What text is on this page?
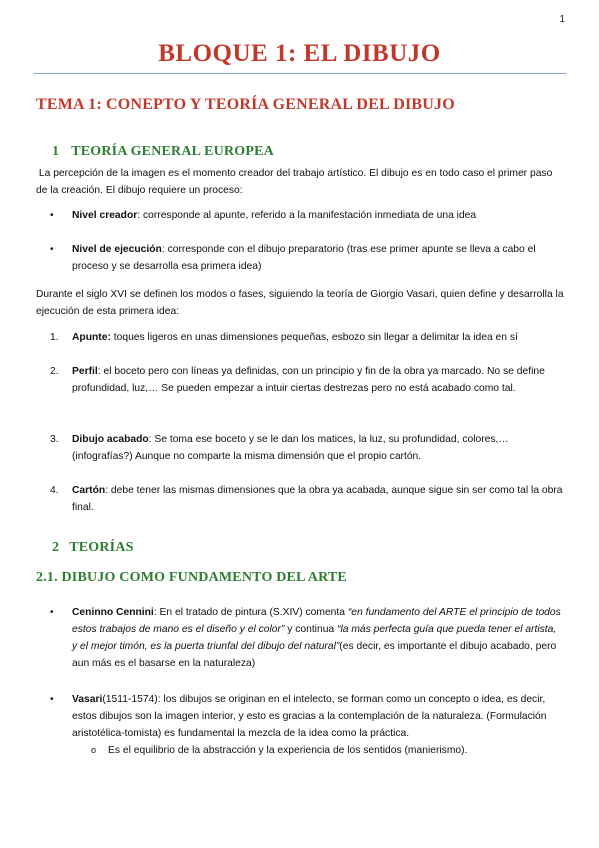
1
BLOQUE 1: EL DIBUJO
TEMA 1: CONEPTO Y TEORÍA GENERAL DEL DIBUJO
1 TEORÍA GENERAL EUROPEA

La percepción de la imagen es el momento creador del trabajo artístico. El dibujo es en todo caso el primer paso de la creación. El dibujo requiere un proceso:

• Nivel creador: corresponde al apunte, referido a la manifestación inmediata de una idea

• Nivel de ejecución: corresponde con el dibujo preparatorio (tras ese primer apunte se lleva a cabo el proceso y se desarrolla esa primera idea)

Durante el siglo XVI se definen los modos o fases, siguiendo la teoría de Giorgio Vasari, quien define y desarrolla la ejecución de esta primera idea:

1. Apunte: toques ligeros en unas dimensiones pequeñas, esbozo sin llegar a delimitar la idea en sí

2. Perfil: el boceto pero con líneas ya definidas, con un principio y fin de la obra ya marcado. No se define profundidad, luz,… Se pueden empezar a intuir ciertas destrezas pero no está acabado como tal.

3. Dibujo acabado: Se toma ese boceto y se le dan los matices, la luz, su profundidad, colores,… (infografías?) Aunque no comparte la misma dimensión que el propio cartón.

4. Cartón: debe tener las mismas dimensiones que la obra ya acabada, aunque sigue sin ser como tal la obra final.

2 TEORÍAS
2.1. DIBUJO COMO FUNDAMENTO DEL ARTE
• Ceninno Cennini: En el tratado de pintura (S.XIV) comenta “en fundamento del ARTE el principio de todos estos trabajos de mano es el diseño y el color” y continua “la más perfecta guía que pueda tener el artista, y el mejor timón, es la puerta triunfal del dibujo del natural”(es decir, es importante el dibujo acabado, pero aun más es el basarse en la naturaleza)

• Vasari(1511-1574): los dibujos se originan en el intelecto, se forman como un concepto o idea, es decir, estos dibujos son la imagen interior, y esto es gracias a la contemplación de la naturaleza. (Formulación aristotélica-tomista) es fundamental la mezcla de la idea como la práctica.

o Es el equilibrio de la abstracción y la experiencia de los sentidos (manierismo).
